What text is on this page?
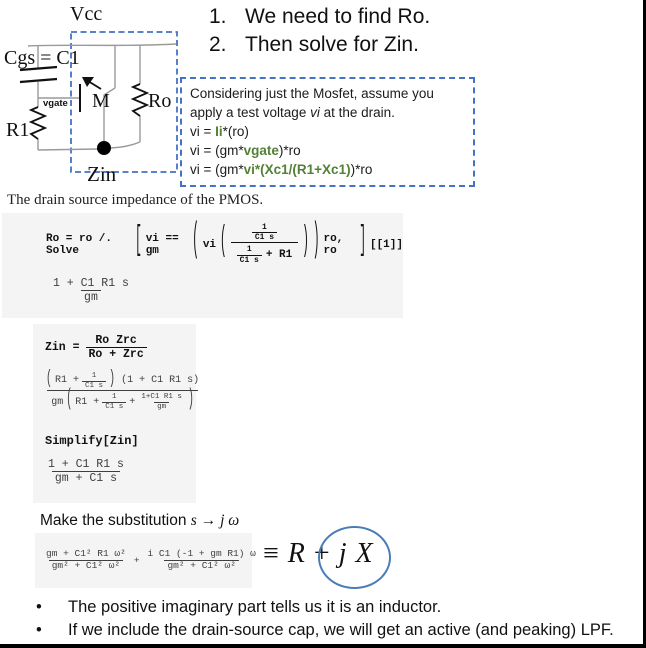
1. We need to find Ro.
2. Then solve for Zin.
Vcc
Cgs = C1
R1
M Ro
Zin
vgate
Considering just the Mosfet, assume you
apply a test voltage vi at the drain.
vi = Ii*(ro)
vi = (gm*vgate)*ro
vi = (gm*vi*(Xc1/(R1+Xc1))*ro
The drain source impedance of the PMOS.
Ro = ro /. Solve	[ vi == gm	( vi ( $\frac{\frac{1}{C1 s}}{\frac{1}{C1 s} + R1}$ ) ) ro, ro	] [[1]]
$\frac{1 + C1 R1 s}{gm}$
Zin = $\frac{\text{Ro Zrc}}{\text{Ro + Zrc}}$
( $R1 + \frac{1}{C1 s}$ ) (1 + C1 R1 s)
gm ( $R1 + \frac{1}{C1 s} + \frac{1+C1 R1 s}{gm}$ )
Simplify[Zin]
$\frac{1 + C1 R1 s}{gm + C1 s}$
Make the substitution s → j ω
$\frac{\text{gm + C1² R1 ω²}}{\text{gm² + C1² ω²}} + \frac{\text{i C1 (-1 + gm R1) ω}}{\text{gm² + C1² ω²}} \equiv R + j$ X
•	The positive imaginary part tells us it is an inductor.
•	If we include the drain-source cap, we will get an active (and peaking) LPF.
